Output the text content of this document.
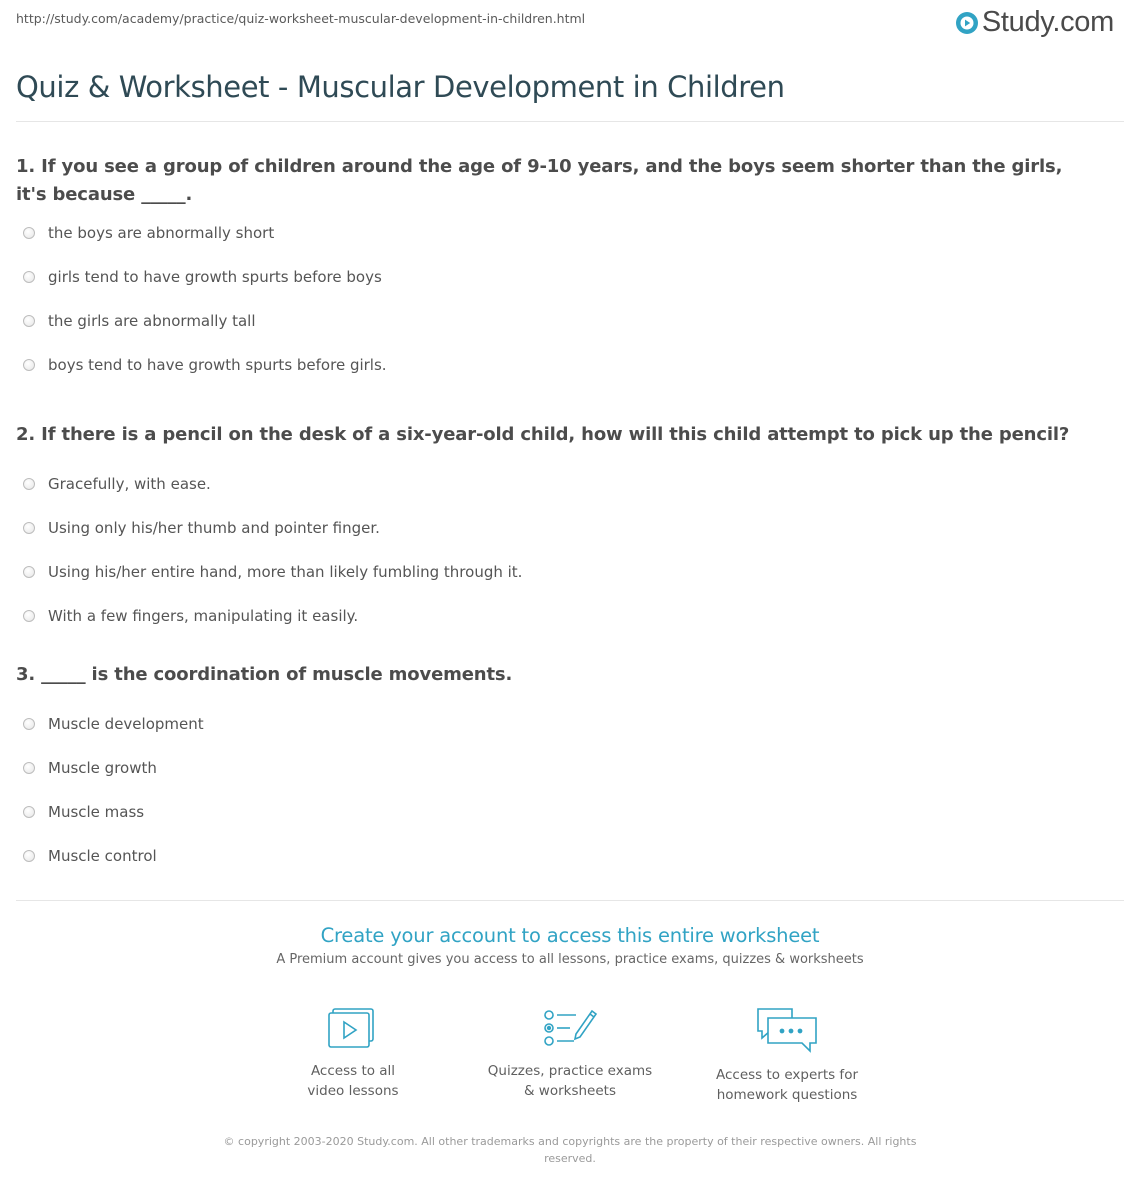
http://study.com/academy/practice/quiz-worksheet-muscular-development-in-children.html	Study.com
Quiz & Worksheet - Muscular Development in Children

1. If you see a group of children around the age of 9-10 years, and the boys seem shorter than the girls, it's because _____.

the boys are abnormally short
girls tend to have growth spurts before boys
the girls are abnormally tall
boys tend to have growth spurts before girls.

2. If there is a pencil on the desk of a six-year-old child, how will this child attempt to pick up the pencil?

Gracefully, with ease.
Using only his/her thumb and pointer finger.
Using his/her entire hand, more than likely fumbling through it.
With a few fingers, manipulating it easily.

3. _____ is the coordination of muscle movements.

Muscle development
Muscle growth
Muscle mass
Muscle control

Create your account to access this entire worksheet

A Premium account gives you access to all lessons, practice exams, quizzes & worksheets
Access to all
video lessons
Quizzes, practice exams
& worksheets
Access to experts for
homework questions
© copyright 2003-2020 Study.com. All other trademarks and copyrights are the property of their respective owners. All rights reserved.
